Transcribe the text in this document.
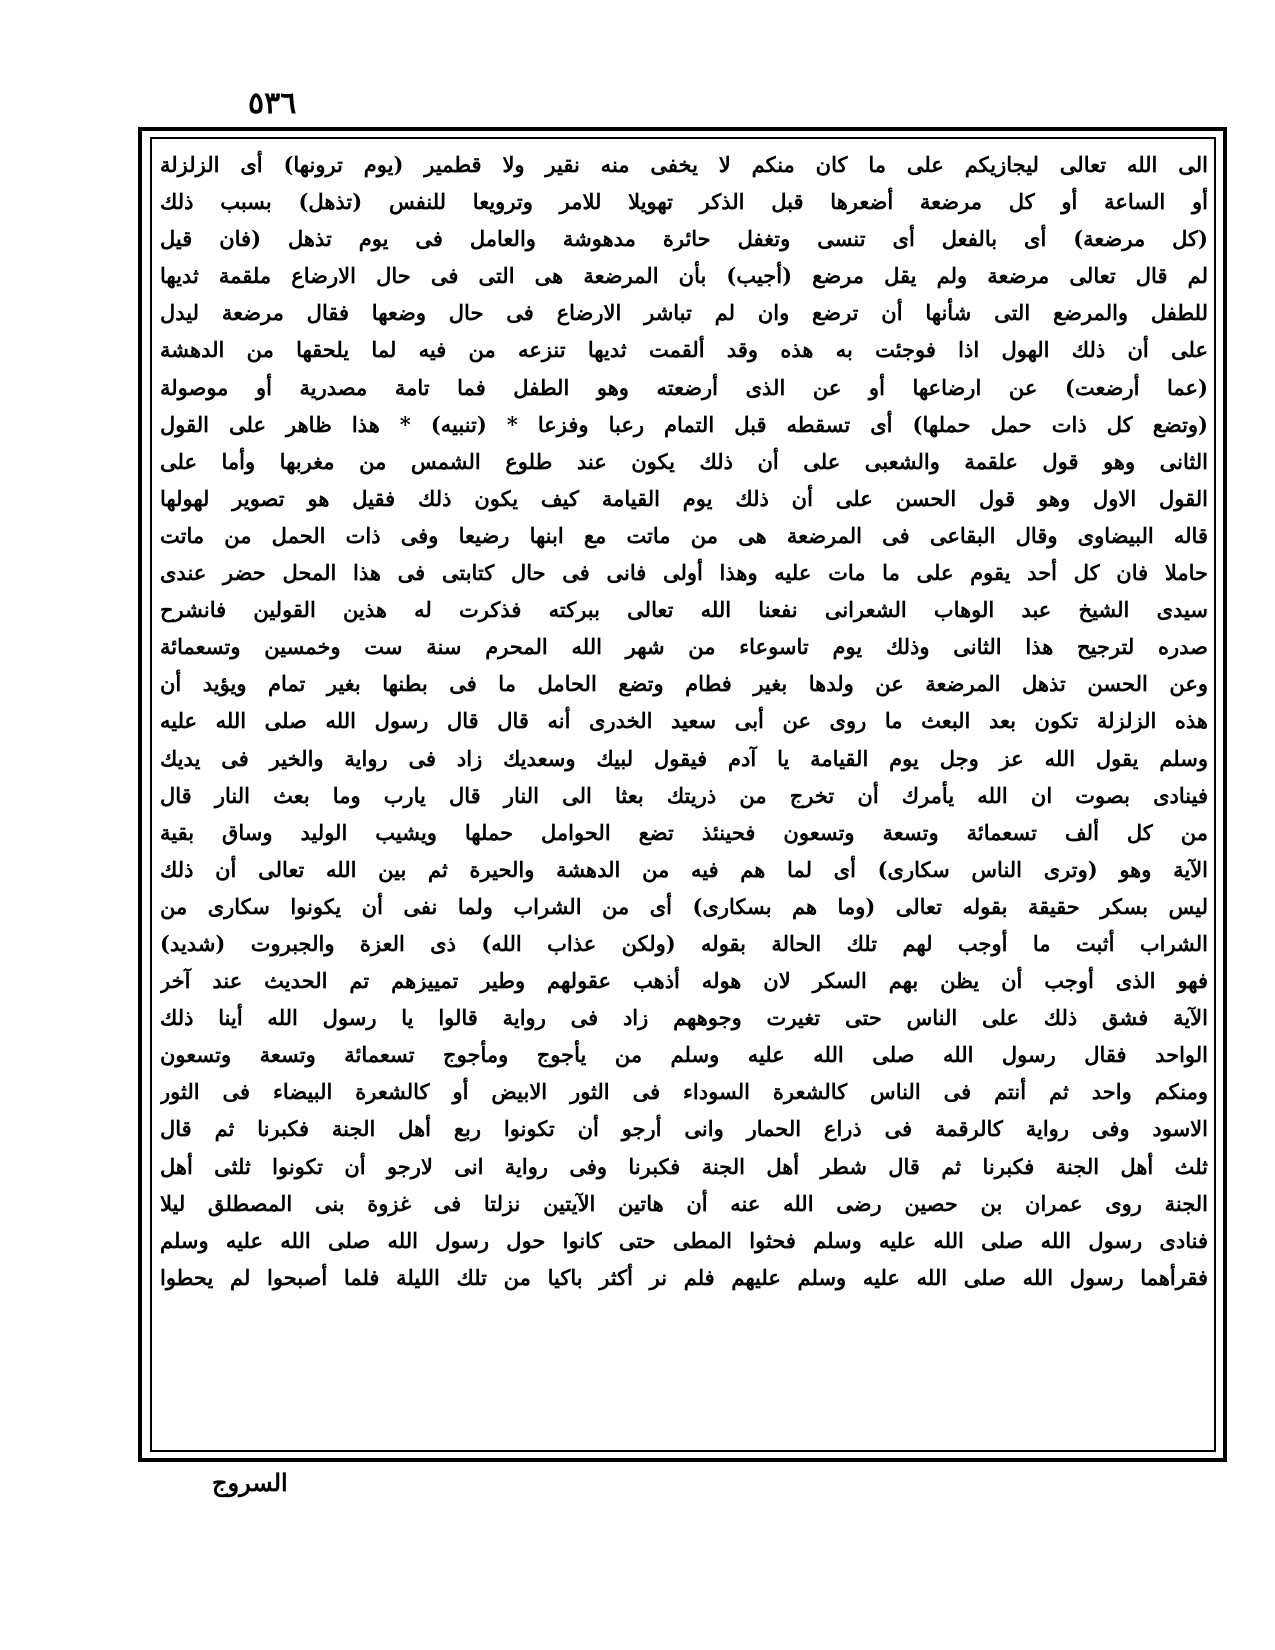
٥٣٦
الى الله تعالى ليجازيكم على ما كان منكم لا يخفى منه نقير ولا قطمير (يوم ترونها) أى الزلزلة
أو الساعة أو كل مرضعة أضعرها قبل الذكر تهويلا للامر وترويعا للنفس (تذهل) بسبب ذلك
(كل مرضعة) أى بالفعل أى تنسى وتغفل حائرة مدهوشة والعامل فى يوم تذهل (فان قيل
لم قال تعالى مرضعة ولم يقل مرضع (أجيب) بأن المرضعة هى التى فى حال الارضاع ملقمة ثديها
للطفل والمرضع التى شأنها أن ترضع وان لم تباشر الارضاع فى حال وضعها فقال مرضعة ليدل
على أن ذلك الهول اذا فوجئت به هذه وقد ألقمت ثديها تنزعه من فيه لما يلحقها من الدهشة
(عما أرضعت) عن ارضاعها أو عن الذى أرضعته وهو الطفل فما تامة مصدرية أو موصولة
(وتضع كل ذات حمل حملها) أى تسقطه قبل التمام رعبا وفزعا * (تنبيه) * هذا ظاهر على القول
الثانى وهو قول علقمة والشعبى على أن ذلك يكون عند طلوع الشمس من مغربها وأما على
القول الاول وهو قول الحسن على أن ذلك يوم القيامة كيف يكون ذلك فقيل هو تصوير لهولها
قاله البيضاوى وقال البقاعى فى المرضعة هى من ماتت مع ابنها رضيعا وفى ذات الحمل من ماتت
حاملا فان كل أحد يقوم على ما مات عليه وهذا أولى فانى فى حال كتابتى فى هذا المحل حضر عندى
سيدى الشيخ عبد الوهاب الشعرانى نفعنا الله تعالى ببركته فذكرت له هذين القولين فانشرح
صدره لترجيح هذا الثانى وذلك يوم تاسوعاء من شهر الله المحرم سنة ست وخمسين وتسعمائة
وعن الحسن تذهل المرضعة عن ولدها بغير فطام وتضع الحامل ما فى بطنها بغير تمام ويؤيد أن
هذه الزلزلة تكون بعد البعث ما روى عن أبى سعيد الخدرى أنه قال قال رسول الله صلى الله عليه
وسلم يقول الله عز وجل يوم القيامة يا آدم فيقول لبيك وسعديك زاد فى رواية والخير فى يديك
فينادى بصوت ان الله يأمرك أن تخرج من ذريتك بعثا الى النار قال يارب وما بعث النار قال
من كل ألف تسعمائة وتسعة وتسعون فحينئذ تضع الحوامل حملها ويشيب الوليد وساق بقية
الآية وهو (وترى الناس سكارى) أى لما هم فيه من الدهشة والحيرة ثم بين الله تعالى أن ذلك
ليس بسكر حقيقة بقوله تعالى (وما هم بسكارى) أى من الشراب ولما نفى أن يكونوا سكارى من
الشراب أثبت ما أوجب لهم تلك الحالة بقوله (ولكن عذاب الله) ذى العزة والجبروت (شديد)
فهو الذى أوجب أن يظن بهم السكر لان هوله أذهب عقولهم وطير تمييزهم تم الحديث عند آخر
الآية فشق ذلك على الناس حتى تغيرت وجوههم زاد فى رواية قالوا يا رسول الله أينا ذلك
الواحد فقال رسول الله صلى الله عليه وسلم من يأجوج ومأجوج تسعمائة وتسعة وتسعون
ومنكم واحد ثم أنتم فى الناس كالشعرة السوداء فى الثور الابيض أو كالشعرة البيضاء فى الثور
الاسود وفى رواية كالرقمة فى ذراع الحمار وانى أرجو أن تكونوا ربع أهل الجنة فكبرنا ثم قال
ثلث أهل الجنة فكبرنا ثم قال شطر أهل الجنة فكبرنا وفى رواية انى لارجو أن تكونوا ثلثى أهل
الجنة روى عمران بن حصين رضى الله عنه أن هاتين الآيتين نزلتا فى غزوة بنى المصطلق ليلا
فنادى رسول الله صلى الله عليه وسلم فحثوا المطى حتى كانوا حول رسول الله صلى الله عليه وسلم
فقرأهما رسول الله صلى الله عليه وسلم عليهم فلم نر أكثر باكيا من تلك الليلة فلما أصبحوا لم يحطوا
السروج
